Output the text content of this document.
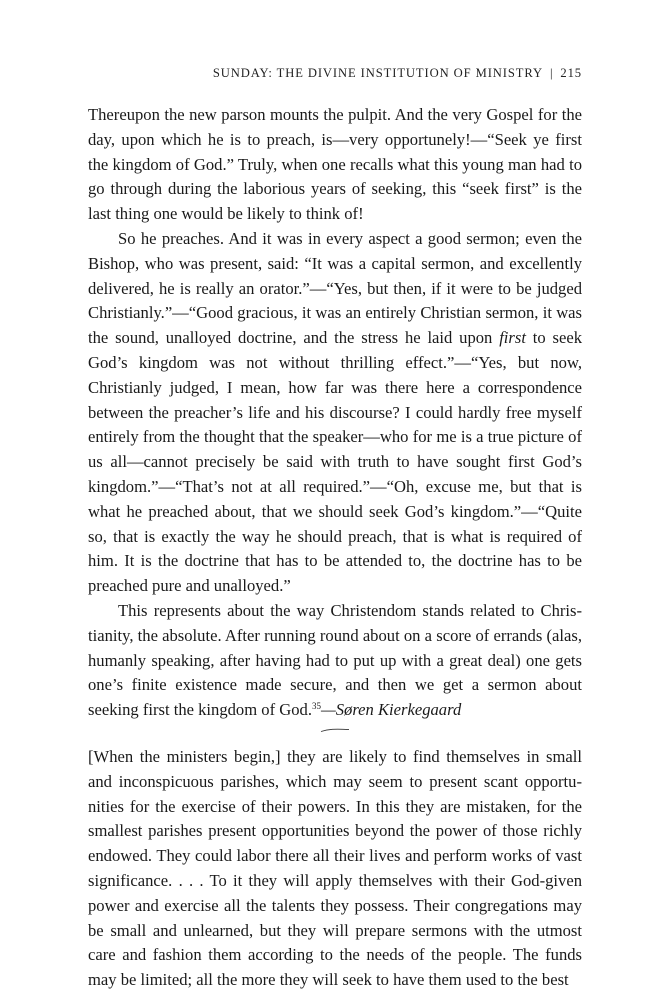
SUNDAY: THE DIVINE INSTITUTION OF MINISTRY | 215

Thereupon the new parson mounts the pulpit. And the very Gospel for the day, upon which he is to preach, is—very opportunely!—“Seek ye first the kingdom of God.” Truly, when one recalls what this young man had to go through during the laborious years of seeking, this “seek first” is the last thing one would be likely to think of!

So he preaches. And it was in every aspect a good sermon; even the Bishop, who was present, said: “It was a capital sermon, and excellently delivered, he is really an orator.”—“Yes, but then, if it were to be judged Christianly.”—“Good gracious, it was an entirely Christian sermon, it was the sound, unalloyed doctrine, and the stress he laid upon first to seek God’s kingdom was not without thrilling effect.”—“Yes, but now, Christianly judged, I mean, how far was there here a correspondence between the preacher’s life and his discourse? I could hardly free myself entirely from the thought that the speaker—who for me is a true picture of us all—cannot precisely be said with truth to have sought first God’s kingdom.”—“That’s not at all required.”—“Oh, excuse me, but that is what he preached about, that we should seek God’s kingdom.”—“Quite so, that is exactly the way he should preach, that is what is required of him. It is the doctrine that has to be attended to, the doctrine has to be preached pure and unalloyed.”

This represents about the way Christendom stands related to Christianity, the absolute. After running round about on a score of errands (alas, humanly speaking, after having had to put up with a great deal) one gets one’s finite existence made secure, and then we get a sermon about seeking first the kingdom of God.$^{35}$—Søren Kierkegaard

[When the ministers begin,] they are likely to find themselves in small and inconspicuous parishes, which may seem to present scant opportunities for the exercise of their powers. In this they are mistaken, for the smallest parishes present opportunities beyond the power of those richly endowed. They could labor there all their lives and perform works of vast significance. . . . To it they will apply themselves with their God-given power and exercise all the talents they possess. Their congregations may be small and unlearned, but they will prepare sermons with the utmost care and fashion them according to the needs of the people. The funds may be limited; all the more they will seek to have them used to the best
